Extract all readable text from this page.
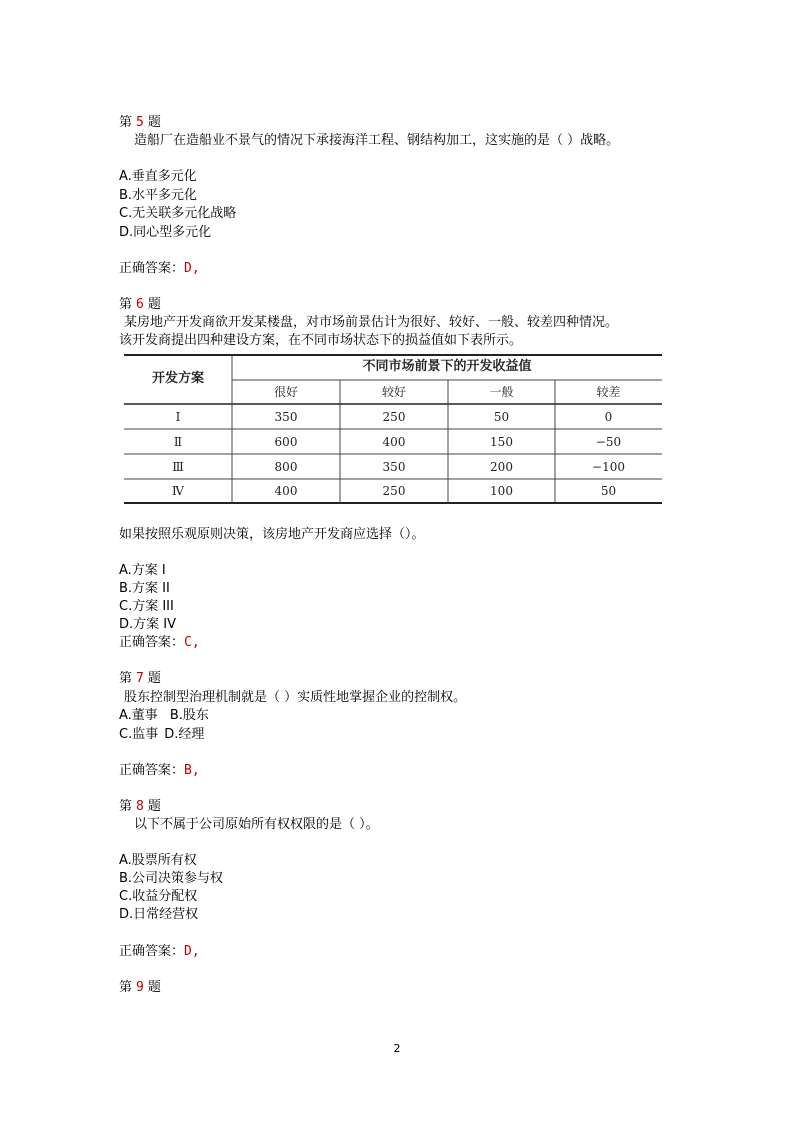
第 5 题
造船厂在造船业不景气的情况下承接海洋工程、钢结构加工，这实施的是（ ）战略。
A.垂直多元化
B.水平多元化
C.无关联多元化战略
D.同心型多元化
正确答案：D,
第 6 题
某房地产开发商欲开发某楼盘，对市场前景估计为很好、较好、一般、较差四种情况。
该开发商提出四种建设方案，在不同市场状态下的损益值如下表所示。
开发方案
不同市场前景下的开发收益值
很好	较好	一般	较差
Ⅰ	350	250	50	0
Ⅱ	600	400	150	−50
Ⅲ	800	350	200	−100
Ⅳ	400	250	100	50
如果按照乐观原则决策，该房地产开发商应选择（）。
A.方案 I
B.方案 II
C.方案 III
D.方案 IV
正确答案：C,
第 7 题
股东控制型治理机制就是（ ）实质性地掌握企业的控制权。
A.董事 B.股东
C.监事 D.经理
正确答案：B,
第 8 题
以下不属于公司原始所有权权限的是（ ）。
A.股票所有权
B.公司决策参与权
C.收益分配权
D.日常经营权
正确答案：D,
第 9 题
2
